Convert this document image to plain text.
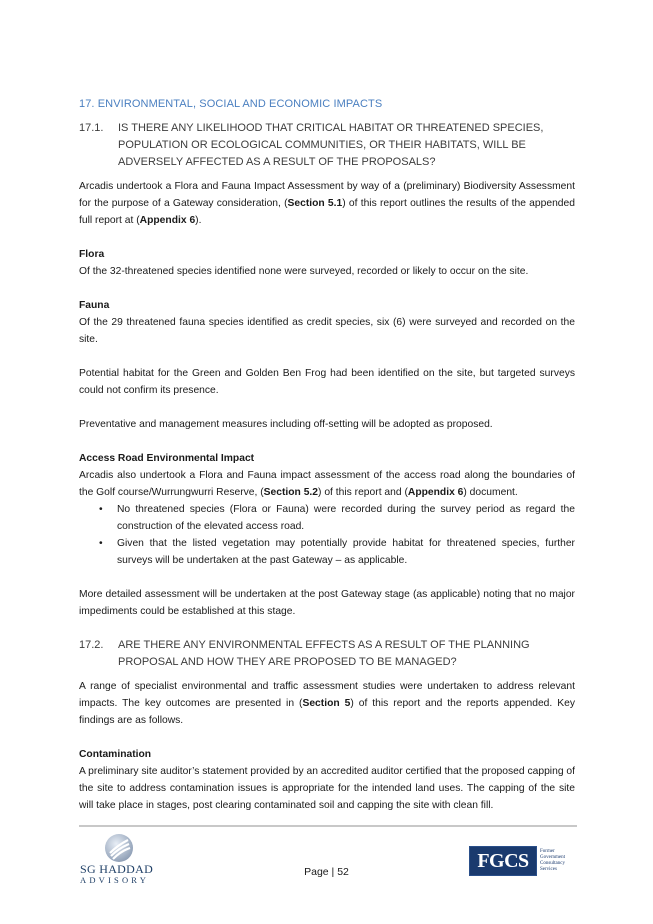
17. ENVIRONMENTAL, SOCIAL AND ECONOMIC IMPACTS
17.1.	IS THERE ANY LIKELIHOOD THAT CRITICAL HABITAT OR THREATENED SPECIES, POPULATION OR ECOLOGICAL COMMUNITIES, OR THEIR HABITATS, WILL BE ADVERSELY AFFECTED AS A RESULT OF THE PROPOSALS?

Arcadis undertook a Flora and Fauna Impact Assessment by way of a (preliminary) Biodiversity Assessment for the purpose of a Gateway consideration, (Section 5.1) of this report outlines the results of the appended full report at (Appendix 6).

Flora

Of the 32-threatened species identified none were surveyed, recorded or likely to occur on the site.

Fauna

Of the 29 threatened fauna species identified as credit species, six (6) were surveyed and recorded on the site.

Potential habitat for the Green and Golden Ben Frog had been identified on the site, but targeted surveys could not confirm its presence.

Preventative and management measures including off-setting will be adopted as proposed.

Access Road Environmental Impact

Arcadis also undertook a Flora and Fauna impact assessment of the access road along the boundaries of the Golf course/Wurrungwurri Reserve, (Section 5.2) of this report and (Appendix 6) document.

•	No threatened species (Flora or Fauna) were recorded during the survey period as regard the construction of the elevated access road.
•	Given that the listed vegetation may potentially provide habitat for threatened species, further surveys will be undertaken at the past Gateway – as applicable.

More detailed assessment will be undertaken at the post Gateway stage (as applicable) noting that no major impediments could be established at this stage.

17.2.	ARE THERE ANY ENVIRONMENTAL EFFECTS AS A RESULT OF THE PLANNING PROPOSAL AND HOW THEY ARE PROPOSED TO BE MANAGED?

A range of specialist environmental and traffic assessment studies were undertaken to address relevant impacts. The key outcomes are presented in (Section 5) of this report and the reports appended. Key findings are as follows.

Contamination

A preliminary site auditor’s statement provided by an accredited auditor certified that the proposed capping of the site to address contamination issues is appropriate for the intended land uses. The capping of the site will take place in stages, post clearing contaminated soil and capping the site with clean fill.

SG HADDAD
ADVISORY
Page | 52	FGCS	Former
Government
Consultancy
Services
